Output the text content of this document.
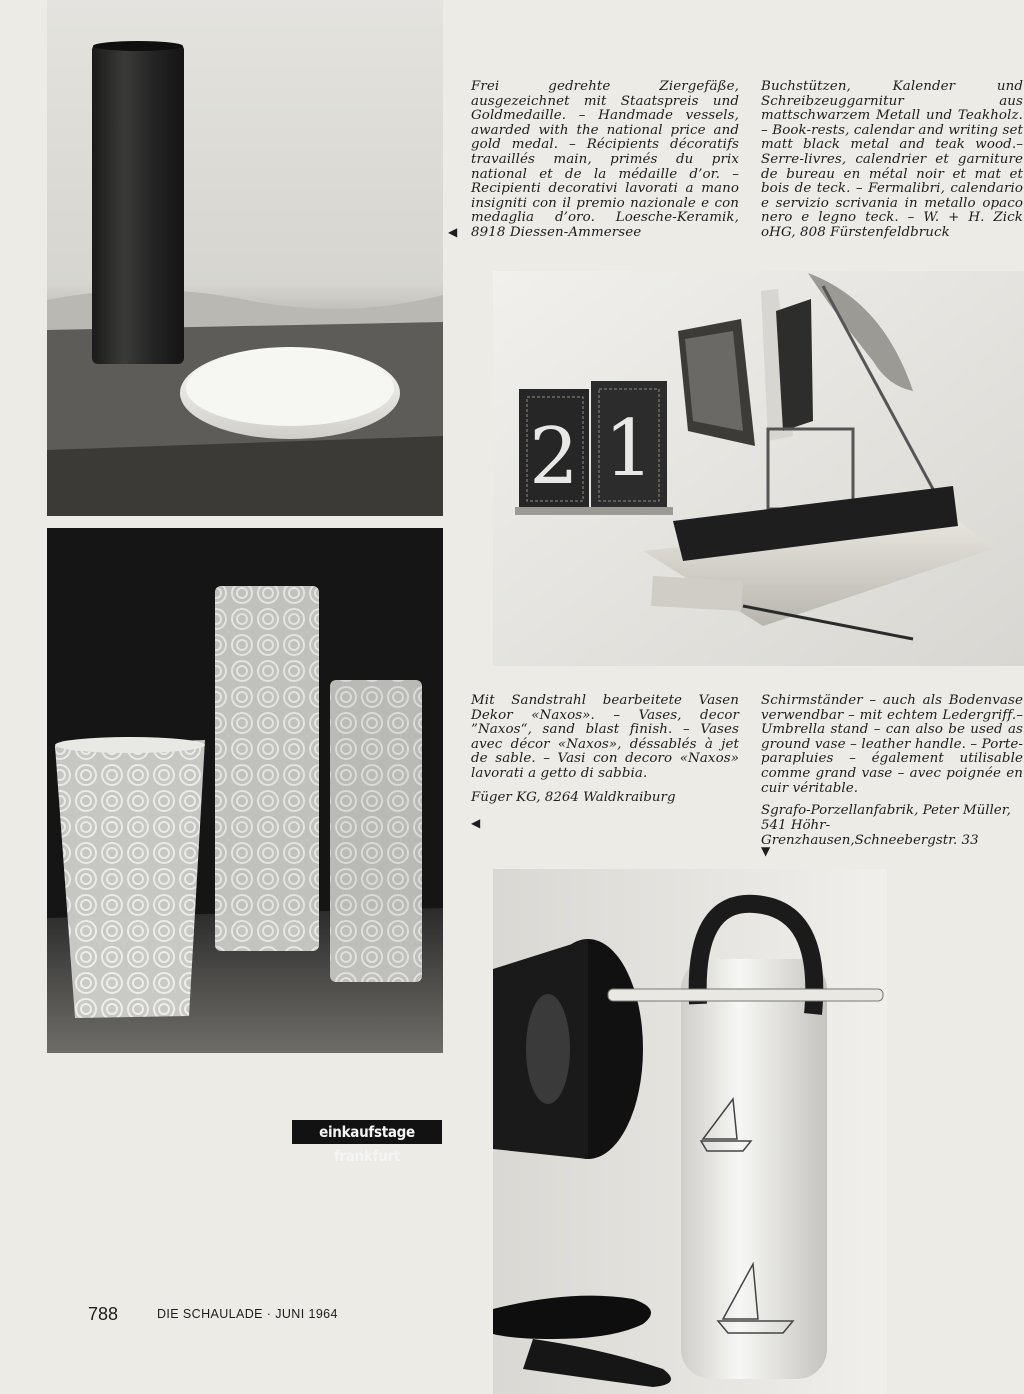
Frei gedrehte Ziergefäße, ausgezeichnet mit Staatspreis und Goldmedaille. – Handmade vessels, awarded with the national price and gold medal. – Récipients décoratifs travaillés main, primés du prix national et de la médaille d’or. – Recipienti decorativi lavorati a mano insigniti con il premio nazionale e con medaglia d’oro. Loesche-Keramik, 8918 Diessen-Ammersee
◀
Buchstützen, Kalender und Schreibzeuggarnitur aus mattschwarzem Metall und Teakholz. – Book-rests, calendar and writing set matt black metal and teak wood.–Serre-livres, calendrier et garniture de bureau en métal noir et mat et bois de teck. – Fermalibri, calendario e servizio scrivania in metallo opaco nero e legno teck. – W. + H. Zick oHG, 808 Fürstenfeldbruck
2 1
Mit Sandstrahl bearbeitete Vasen Dekor «Naxos». – Vases, decor ”Naxos“, sand blast finish. – Vases avec décor «Naxos», déssablés à jet de sable. – Vasi con decoro «Naxos» lavorati a getto di sabbia.
Füger KG, 8264 Waldkraiburg
◀
Schirmständer – auch als Bodenvase verwendbar – mit echtem Ledergriff.– Umbrella stand – can also be used as ground vase – leather handle. – Porte-parapluies – également utilisable comme grand vase – avec poignée en cuir véritable.
Sgrafo-Porzellanfabrik, Peter Müller,
541 Höhr-Grenzhausen,Schneebergstr. 33
▼
einkaufstage frankfurt
788	DIE SCHAULADE · JUNI 1964
